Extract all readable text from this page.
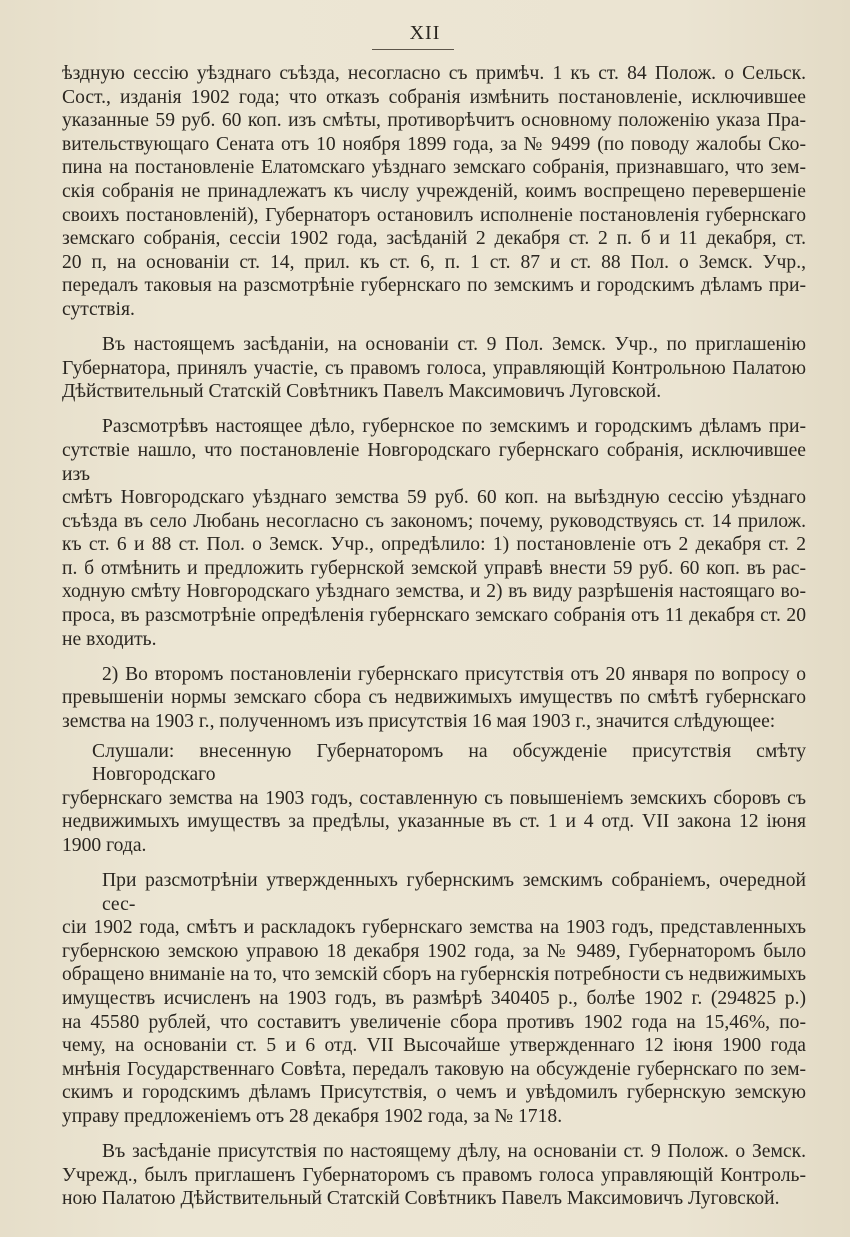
XII

ѣздную сессію уѣзднаго съѣзда, несогласно съ примѣч. 1 къ ст. 84 Полож. о Сельск.
Сост., изданія 1902 года; что отказъ собранія измѣнить постановленіе, исключившее
указанные 59 руб. 60 коп. изъ смѣты, противорѣчитъ основному положенію указа Пра-
вительствующаго Сената отъ 10 ноября 1899 года, за № 9499 (по поводу жалобы Ско-
пина на постановленіе Елатомскаго уѣзднаго земскаго собранія, признавшаго, что зем-
скія собранія не принадлежатъ къ числу учрежденій, коимъ воспрещено перевершеніе
своихъ постановленій), Губернаторъ остановилъ исполненіе постановленія губернскаго
земскаго собранія, сессіи 1902 года, засѣданій 2 декабря ст. 2 п. б и 11 декабря, ст.
20 п, на основаніи ст. 14, прил. къ ст. 6, п. 1 ст. 87 и ст. 88 Пол. о Земск. Учр.,
передалъ таковыя на разсмотрѣніе губернскаго по земскимъ и городскимъ дѣламъ при-
сутствія.

Въ настоящемъ засѣданіи, на основаніи ст. 9 Пол. Земск. Учр., по приглашенію
Губернатора, принялъ участіе, съ правомъ голоса, управляющій Контрольною Палатою
Дѣйствительный Статскій Совѣтникъ Павелъ Максимовичъ Луговской.

Разсмотрѣвъ настоящее дѣло, губернское по земскимъ и городскимъ дѣламъ при-
сутствіе нашло, что постановленіе Новгородскаго губернскаго собранія, исключившее изъ
смѣтъ Новгородскаго уѣзднаго земства 59 руб. 60 коп. на выѣздную сессію уѣзднаго
съѣзда въ село Любань несогласно съ закономъ; почему, руководствуясь ст. 14 прилож.
къ ст. 6 и 88 ст. Пол. о Земск. Учр., опредѣлило: 1) постановленіе отъ 2 декабря ст. 2
п. б отмѣнить и предложить губернской земской управѣ внести 59 руб. 60 коп. въ рас-
ходную смѣту Новгородскаго уѣзднаго земства, и 2) въ виду разрѣшенія настоящаго во-
проса, въ разсмотрѣніе опредѣленія губернскаго земскаго собранія отъ 11 декабря ст. 20
не входить.

2) Во второмъ постановленіи губернскаго присутствія отъ 20 января по вопросу о
превышеніи нормы земскаго сбора съ недвижимыхъ имуществъ по смѣтѣ губернскаго
земства на 1903 г., полученномъ изъ присутствія 16 мая 1903 г., значится слѣдующее:

Слушали: внесенную Губернаторомъ на обсужденіе присутствія смѣту Новгородскаго
губернскаго земства на 1903 годъ, составленную съ повышеніемъ земскихъ сборовъ съ
недвижимыхъ имуществъ за предѣлы, указанные въ ст. 1 и 4 отд. VII закона 12 іюня
1900 года.

При разсмотрѣніи утвержденныхъ губернскимъ земскимъ собраніемъ, очередной сес-
сіи 1902 года, смѣтъ и раскладокъ губернскаго земства на 1903 годъ, представленныхъ
губернскою земскою управою 18 декабря 1902 года, за № 9489, Губернаторомъ было
обращено вниманіе на то, что земскій сборъ на губернскія потребности съ недвижимыхъ
имуществъ исчисленъ на 1903 годъ, въ размѣрѣ 340405 р., болѣе 1902 г. (294825 р.)
на 45580 рублей, что составитъ увеличеніе сбора противъ 1902 года на 15,46%, по-
чему, на основаніи ст. 5 и 6 отд. VII Высочайше утвержденнаго 12 іюня 1900 года
мнѣнія Государственнаго Совѣта, передалъ таковую на обсужденіе губернскаго по зем-
скимъ и городскимъ дѣламъ Присутствія, о чемъ и увѣдомилъ губернскую земскую
управу предложеніемъ отъ 28 декабря 1902 года, за № 1718.

Въ засѣданіе присутствія по настоящему дѣлу, на основаніи ст. 9 Полож. о Земск.
Учрежд., былъ приглашенъ Губернаторомъ съ правомъ голоса управляющій Контроль-
ною Палатою Дѣйствительный Статскій Совѣтникъ Павелъ Максимовичъ Луговской.
